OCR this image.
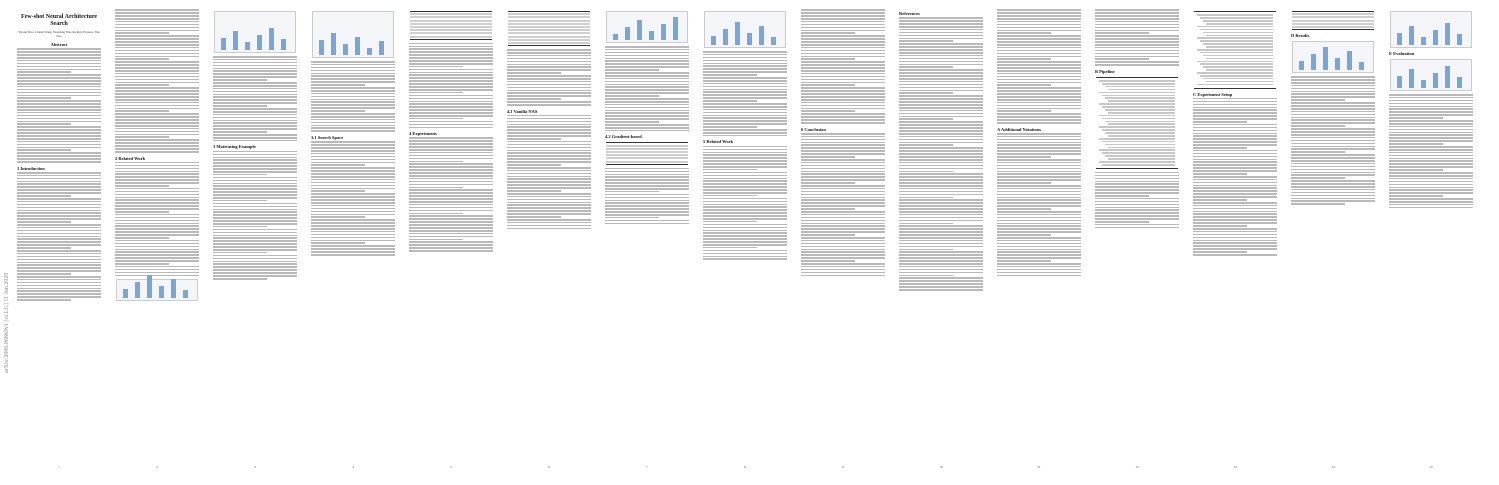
arXiv:2006.06863v1 [cs.LG] 11 Jun 2020
Few-shot Neural Architecture Search
Yiyang Zhao, Linnan Wang, Yuandong Tian, Rodrigo Fonseca, Tian Guo
Abstract
1 Introduction
1
2 Related Work
2
3 Motivating Example
3
3.1 Search Space
4
4 Experiments
5
4.1 Vanilla NAS
6
4.2 Gradient-based
7
5 Related Work
8
6 Conclusion
9
References
10
A Additional Notations
11
B Pipeline
12
C Experiment Setup
13
D Results
14
E Evaluation
15
